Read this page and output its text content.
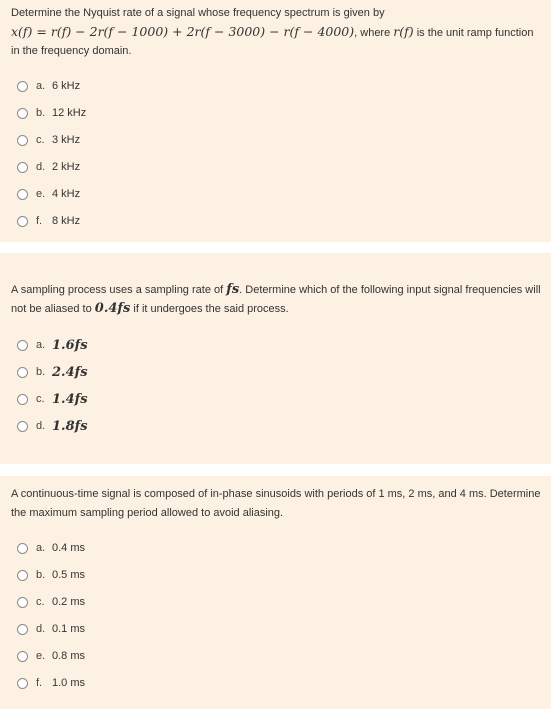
Determine the Nyquist rate of a signal whose frequency spectrum is given by
x(f) = r(f) − 2r(f − 1000) + 2r(f − 3000) − r(f − 4000), where r(f) is the unit ramp function in the frequency domain.
a. 6 kHz
b. 12 kHz
c. 3 kHz
d. 2 kHz
e. 4 kHz
f. 8 kHz
A sampling process uses a sampling rate of fs. Determine which of the following input signal frequencies will not be aliased to 0.4fs if it undergoes the said process.
a. 1.6fs
b. 2.4fs
c. 1.4fs
d. 1.8fs
A continuous-time signal is composed of in-phase sinusoids with periods of 1 ms, 2 ms, and 4 ms. Determine the maximum sampling period allowed to avoid aliasing.
a. 0.4 ms
b. 0.5 ms
c. 0.2 ms
d. 0.1 ms
e. 0.8 ms
f. 1.0 ms
